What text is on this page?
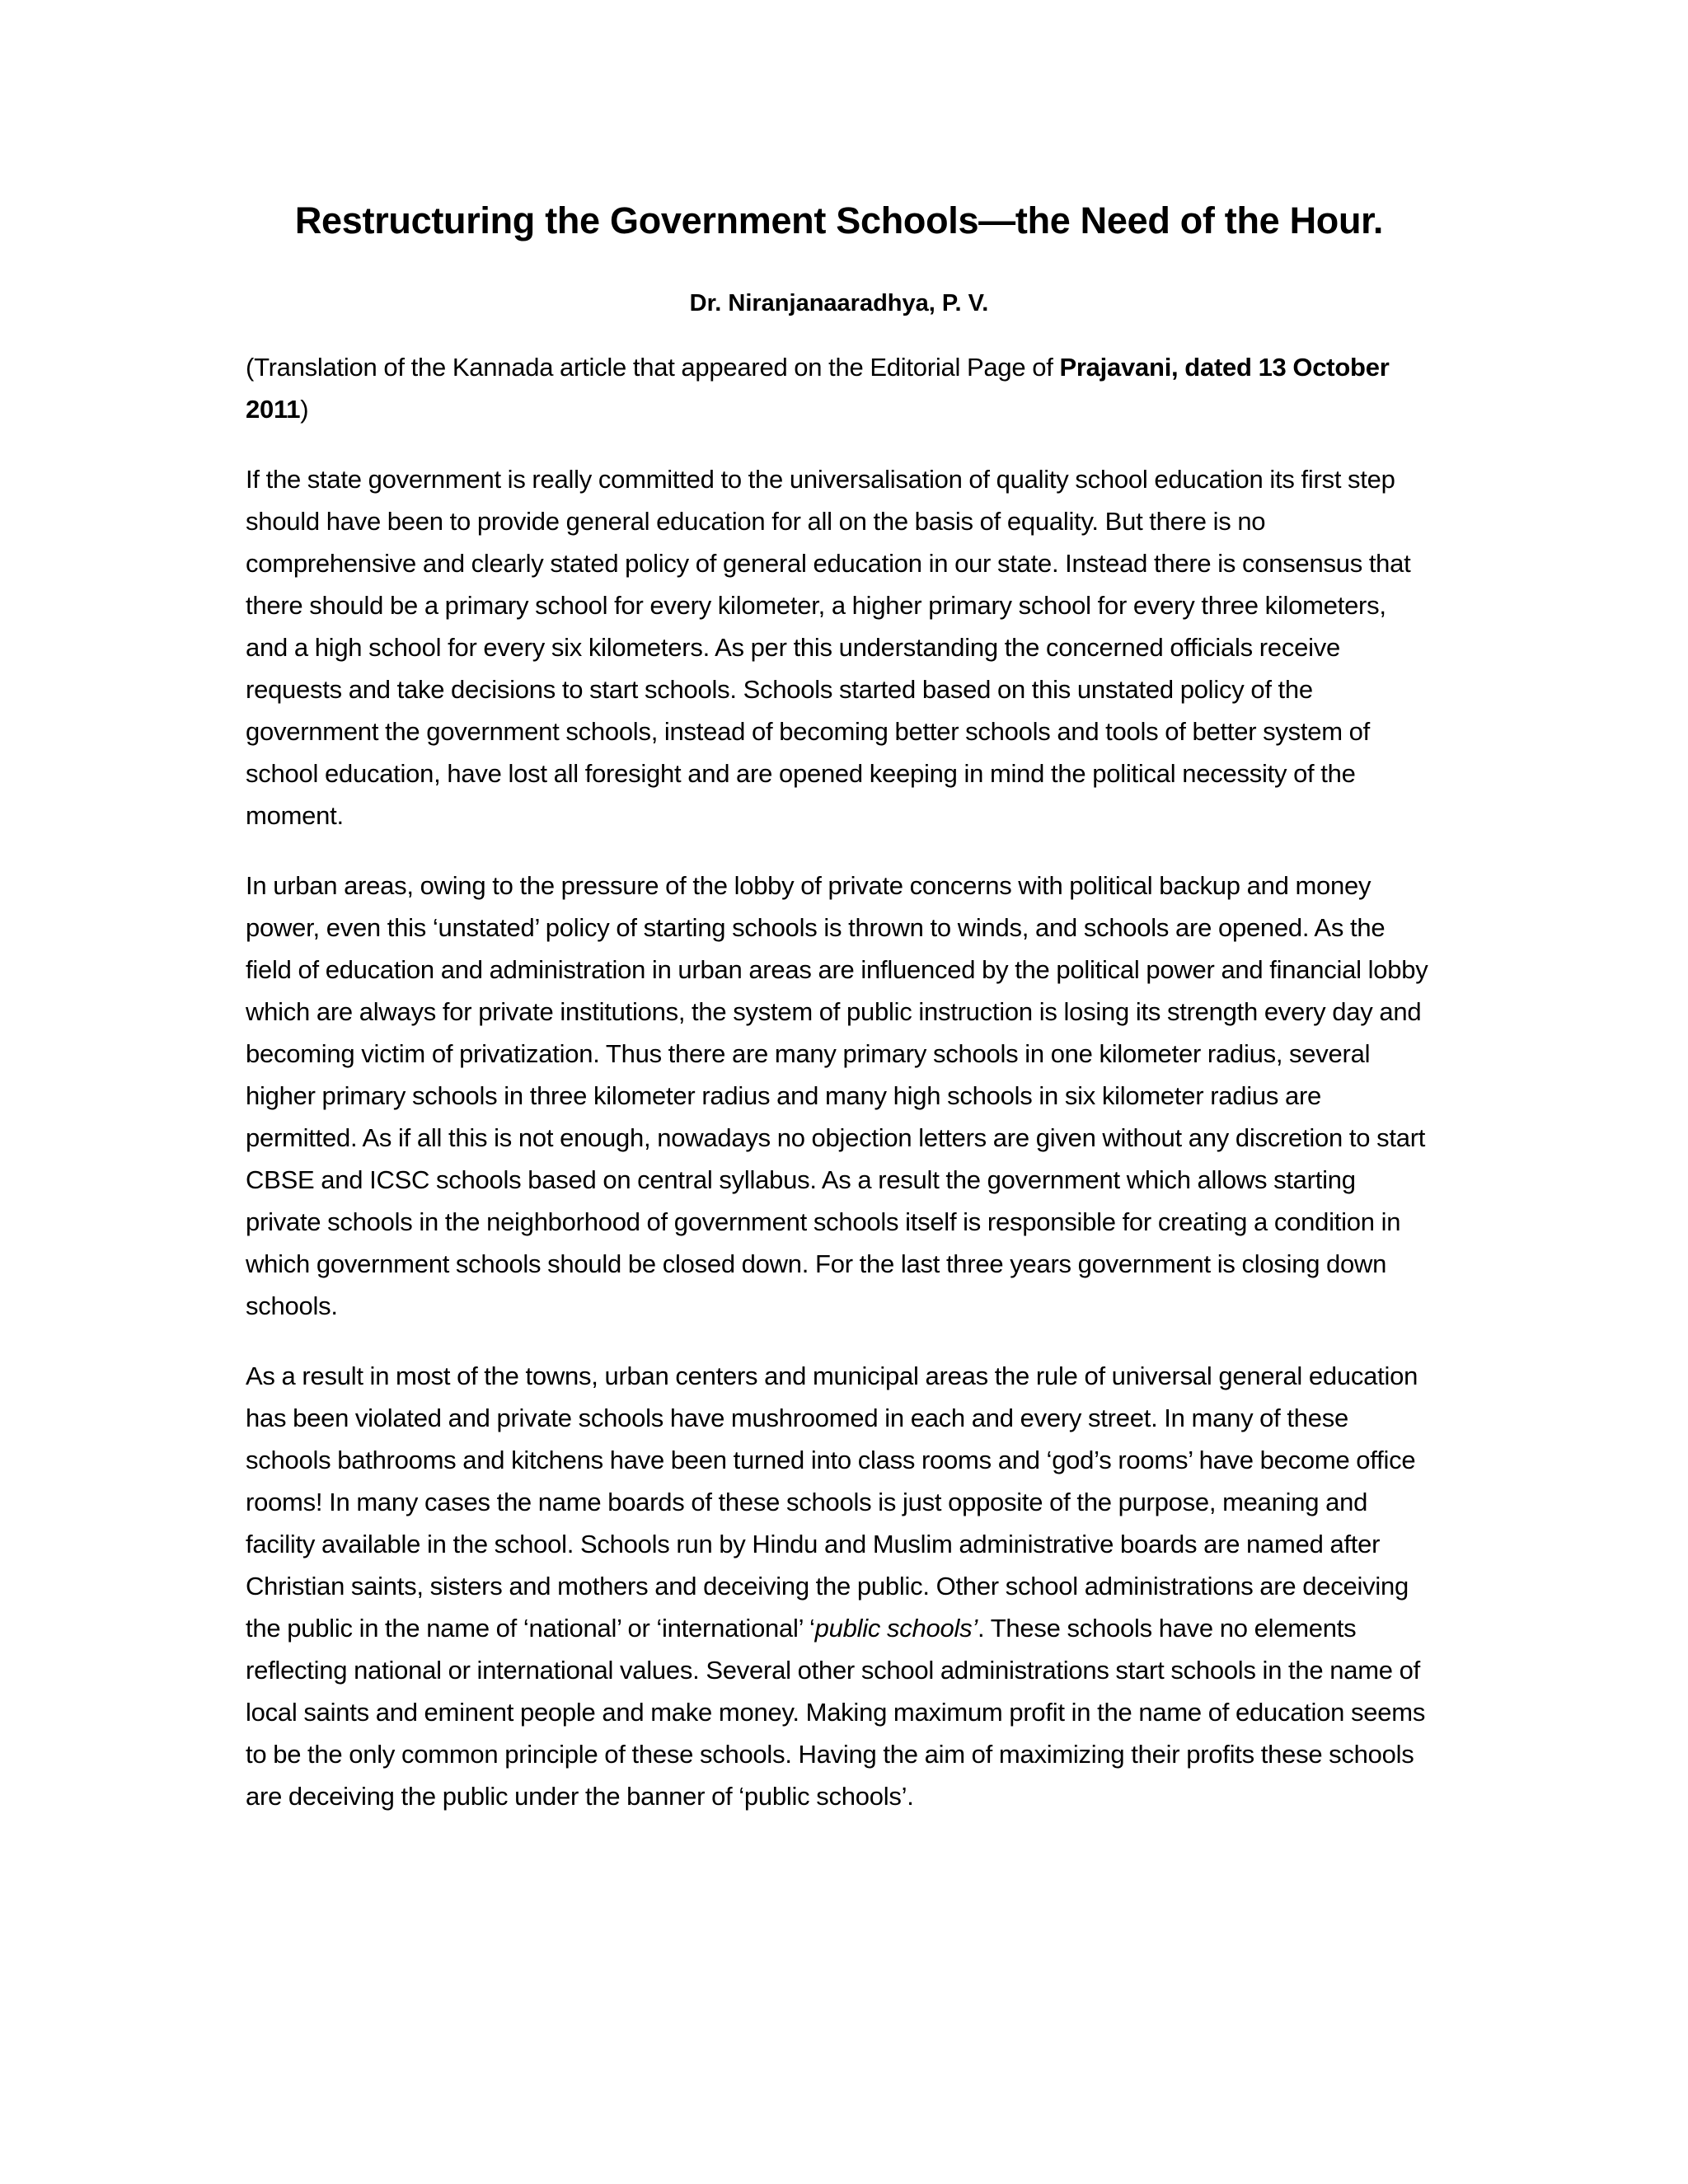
Restructuring the Government Schools—the Need of the Hour.
Dr. Niranjanaaradhya, P. V.

(Translation of the Kannada article that appeared on the Editorial Page of Prajavani, dated 13 October 2011)

If the state government is really committed to the universalisation of quality school education its first step should have been to provide general education for all on the basis of equality. But there is no comprehensive and clearly stated policy of general education in our state. Instead there is consensus that there should be a primary school for every kilometer, a higher primary school for every three kilometers, and a high school for every six kilometers. As per this understanding the concerned officials receive requests and take decisions to start schools. Schools started based on this unstated policy of the government the government schools, instead of becoming better schools and tools of better system of school education, have lost all foresight and are opened keeping in mind the political necessity of the moment.

In urban areas, owing to the pressure of the lobby of private concerns with political backup and money power, even this ‘unstated’ policy of starting schools is thrown to winds, and schools are opened. As the field of education and administration in urban areas are influenced by the political power and financial lobby which are always for private institutions, the system of public instruction is losing its strength every day and becoming victim of privatization. Thus there are many primary schools in one kilometer radius, several higher primary schools in three kilometer radius and many high schools in six kilometer radius are permitted. As if all this is not enough, nowadays no objection letters are given without any discretion to start CBSE and ICSC schools based on central syllabus. As a result the government which allows starting private schools in the neighborhood of government schools itself is responsible for creating a condition in which government schools should be closed down. For the last three years government is closing down schools.

As a result in most of the towns, urban centers and municipal areas the rule of universal general education has been violated and private schools have mushroomed in each and every street. In many of these schools bathrooms and kitchens have been turned into class rooms and ‘god’s rooms’ have become office rooms! In many cases the name boards of these schools is just opposite of the purpose, meaning and facility available in the school. Schools run by Hindu and Muslim administrative boards are named after Christian saints, sisters and mothers and deceiving the public. Other school administrations are deceiving the public in the name of ‘national’ or ‘international’ ‘public schools’. These schools have no elements reflecting national or international values. Several other school administrations start schools in the name of local saints and eminent people and make money. Making maximum profit in the name of education seems to be the only common principle of these schools. Having the aim of maximizing their profits these schools are deceiving the public under the banner of ‘public schools’.
